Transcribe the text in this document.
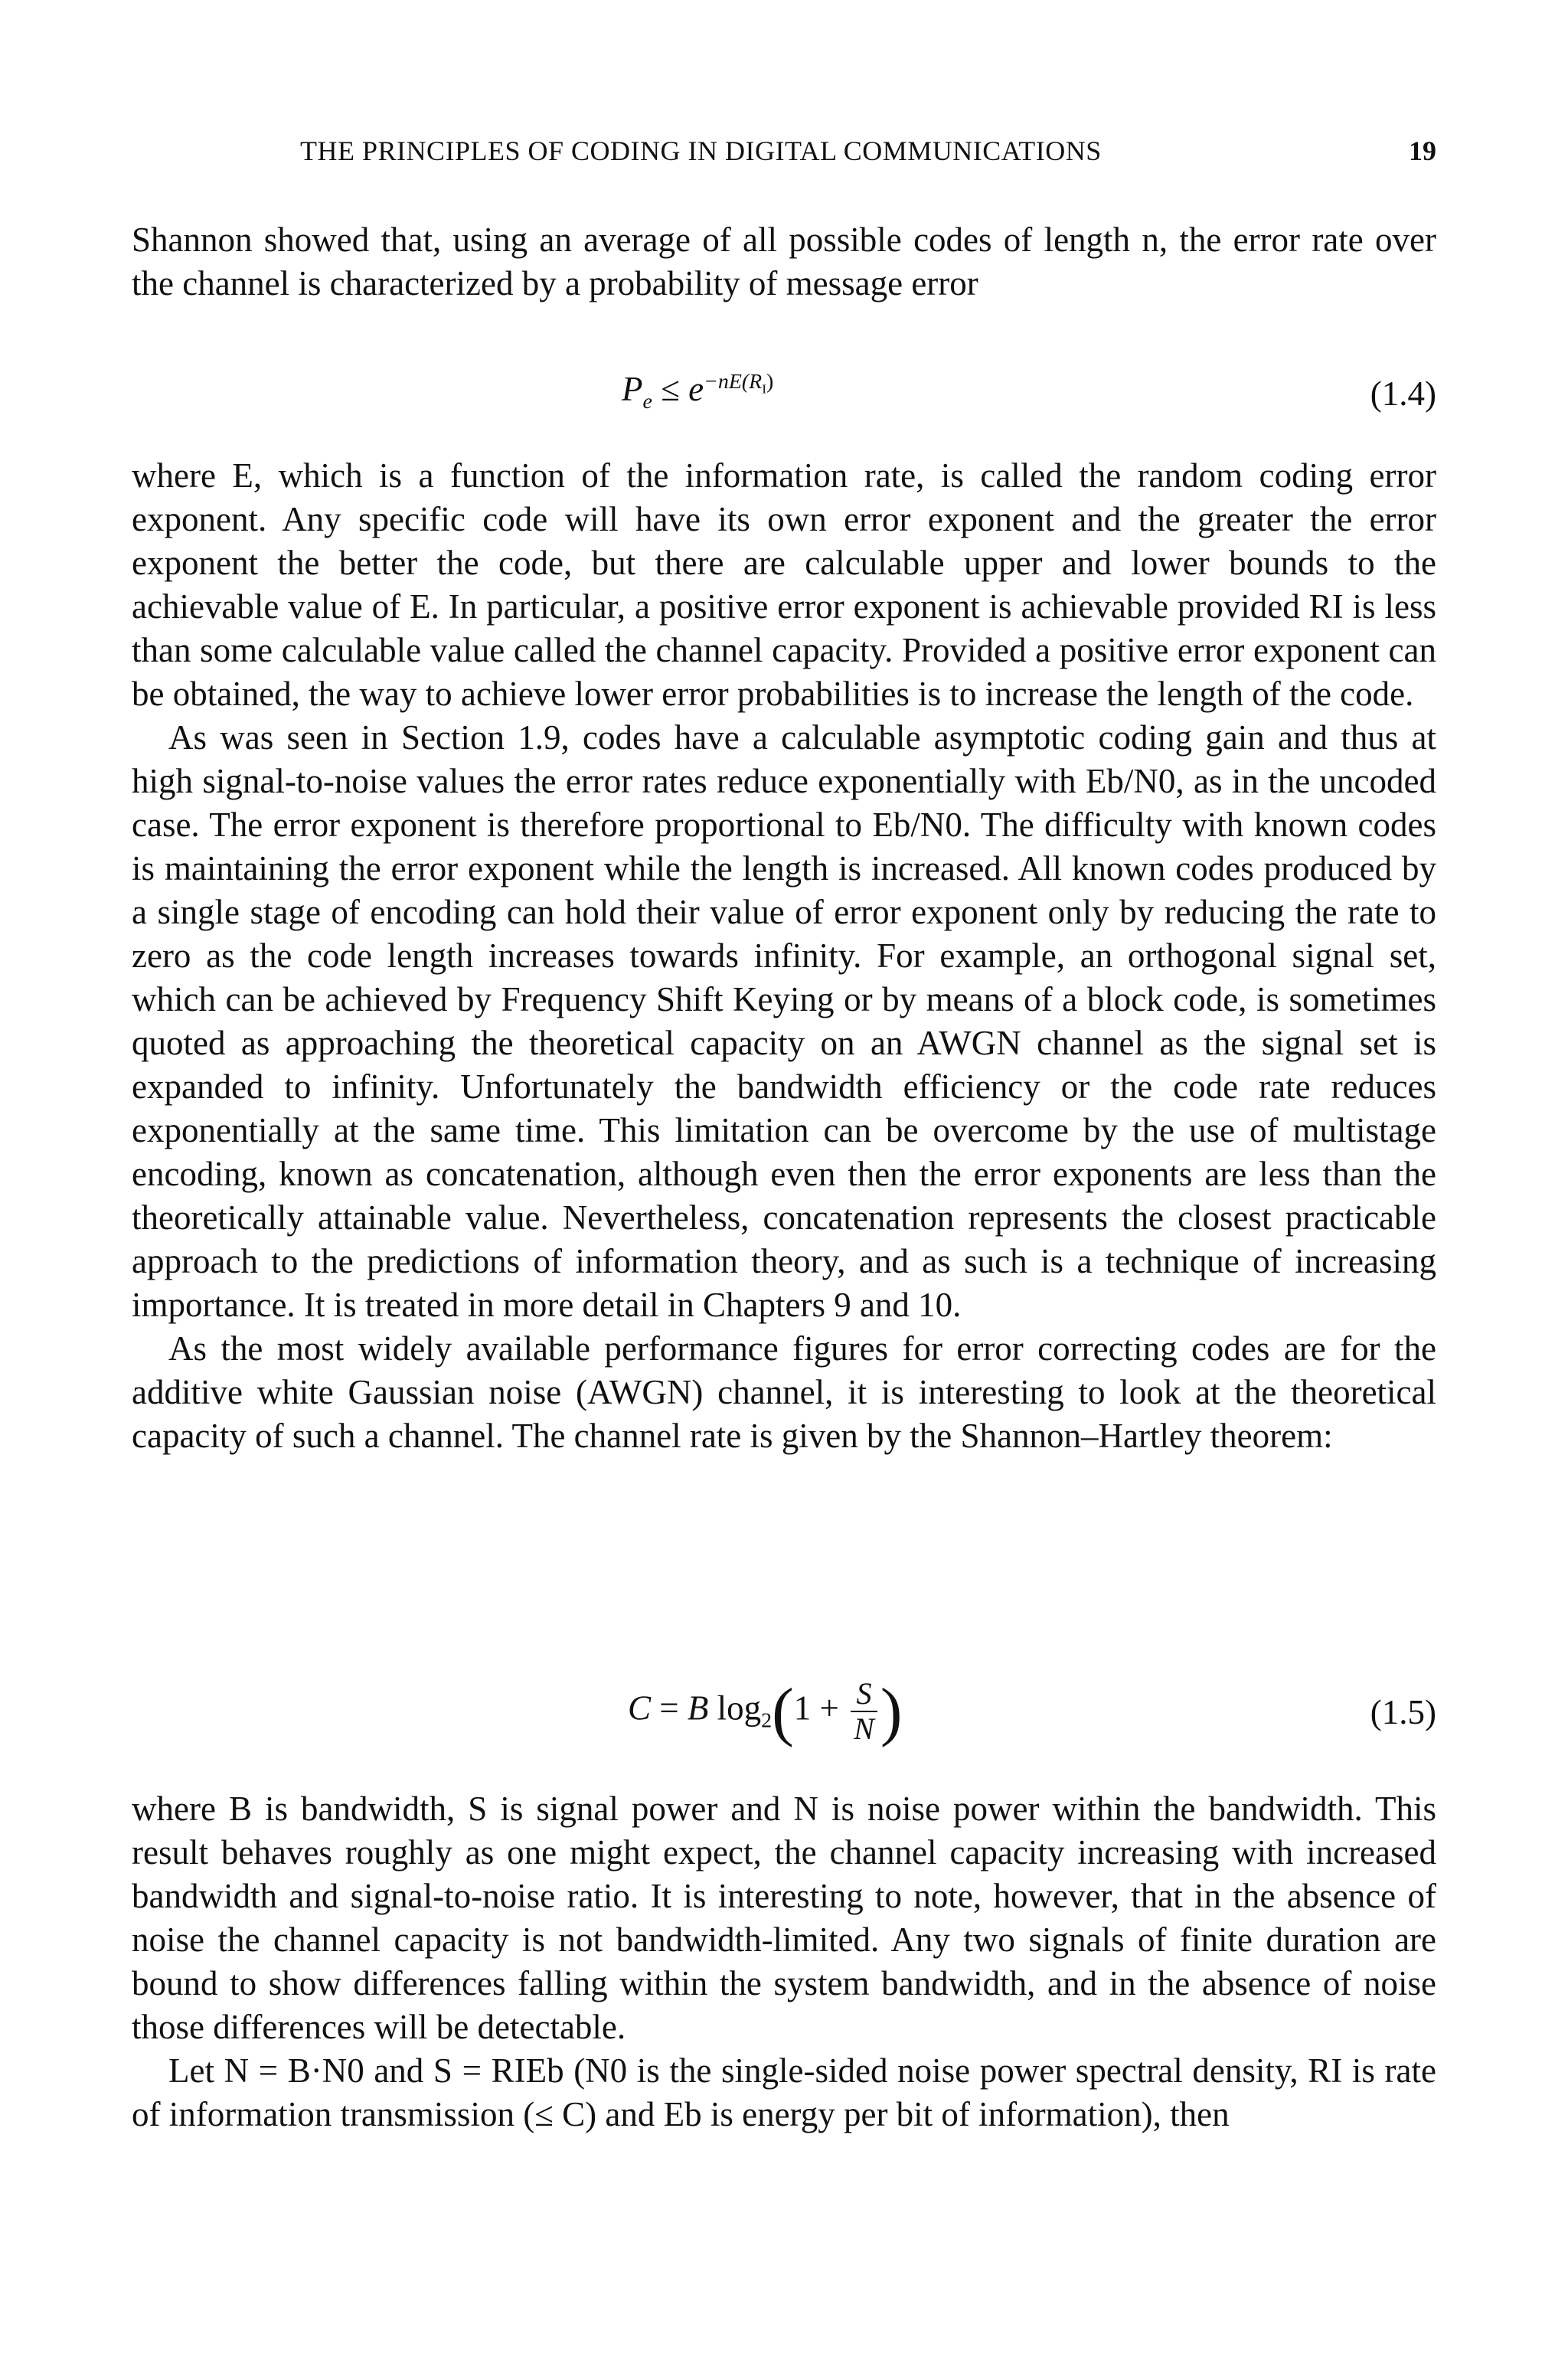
THE PRINCIPLES OF CODING IN DIGITAL COMMUNICATIONS	19

Shannon showed that, using an average of all possible codes of length n, the error rate over the channel is characterized by a probability of message error

$P_e \le e^{-nE(R_I)}$	(1.4)

where E, which is a function of the information rate, is called the random coding error exponent. Any specific code will have its own error exponent and the greater the error exponent the better the code, but there are calculable upper and lower bounds to the achievable value of E. In particular, a positive error exponent is achievable provided RI is less than some calculable value called the channel capacity. Provided a positive error exponent can be obtained, the way to achieve lower error probabilities is to increase the length of the code.

As was seen in Section 1.9, codes have a calculable asymptotic coding gain and thus at high signal-to-noise values the error rates reduce exponentially with Eb/N0, as in the uncoded case. The error exponent is therefore proportional to Eb/N0. The difficulty with known codes is maintaining the error exponent while the length is increased. All known codes produced by a single stage of encoding can hold their value of error exponent only by reducing the rate to zero as the code length increases towards infinity. For example, an orthogonal signal set, which can be achieved by Frequency Shift Keying or by means of a block code, is sometimes quoted as approaching the theoretical capacity on an AWGN channel as the signal set is expanded to infinity. Unfortunately the bandwidth efficiency or the code rate reduces exponentially at the same time. This limitation can be overcome by the use of multistage encoding, known as concatenation, although even then the error exponents are less than the theoretically attainable value. Nevertheless, concatenation represents the closest practicable approach to the predictions of information theory, and as such is a technique of increasing importance. It is treated in more detail in Chapters 9 and 10.

As the most widely available performance figures for error correcting codes are for the additive white Gaussian noise (AWGN) channel, it is interesting to look at the theoretical capacity of such a channel. The channel rate is given by the Shannon–Hartley theorem:

C = B $\log_2(1 + \frac{S}{N}$ )	(1.5)

where B is bandwidth, S is signal power and N is noise power within the bandwidth. This result behaves roughly as one might expect, the channel capacity increasing with increased bandwidth and signal-to-noise ratio. It is interesting to note, however, that in the absence of noise the channel capacity is not bandwidth-limited. Any two signals of finite duration are bound to show differences falling within the system bandwidth, and in the absence of noise those differences will be detectable.

Let N = B·N0 and S = RIEb (N0 is the single-sided noise power spectral density, RI is rate of information transmission (≤ C) and Eb is energy per bit of information), then
